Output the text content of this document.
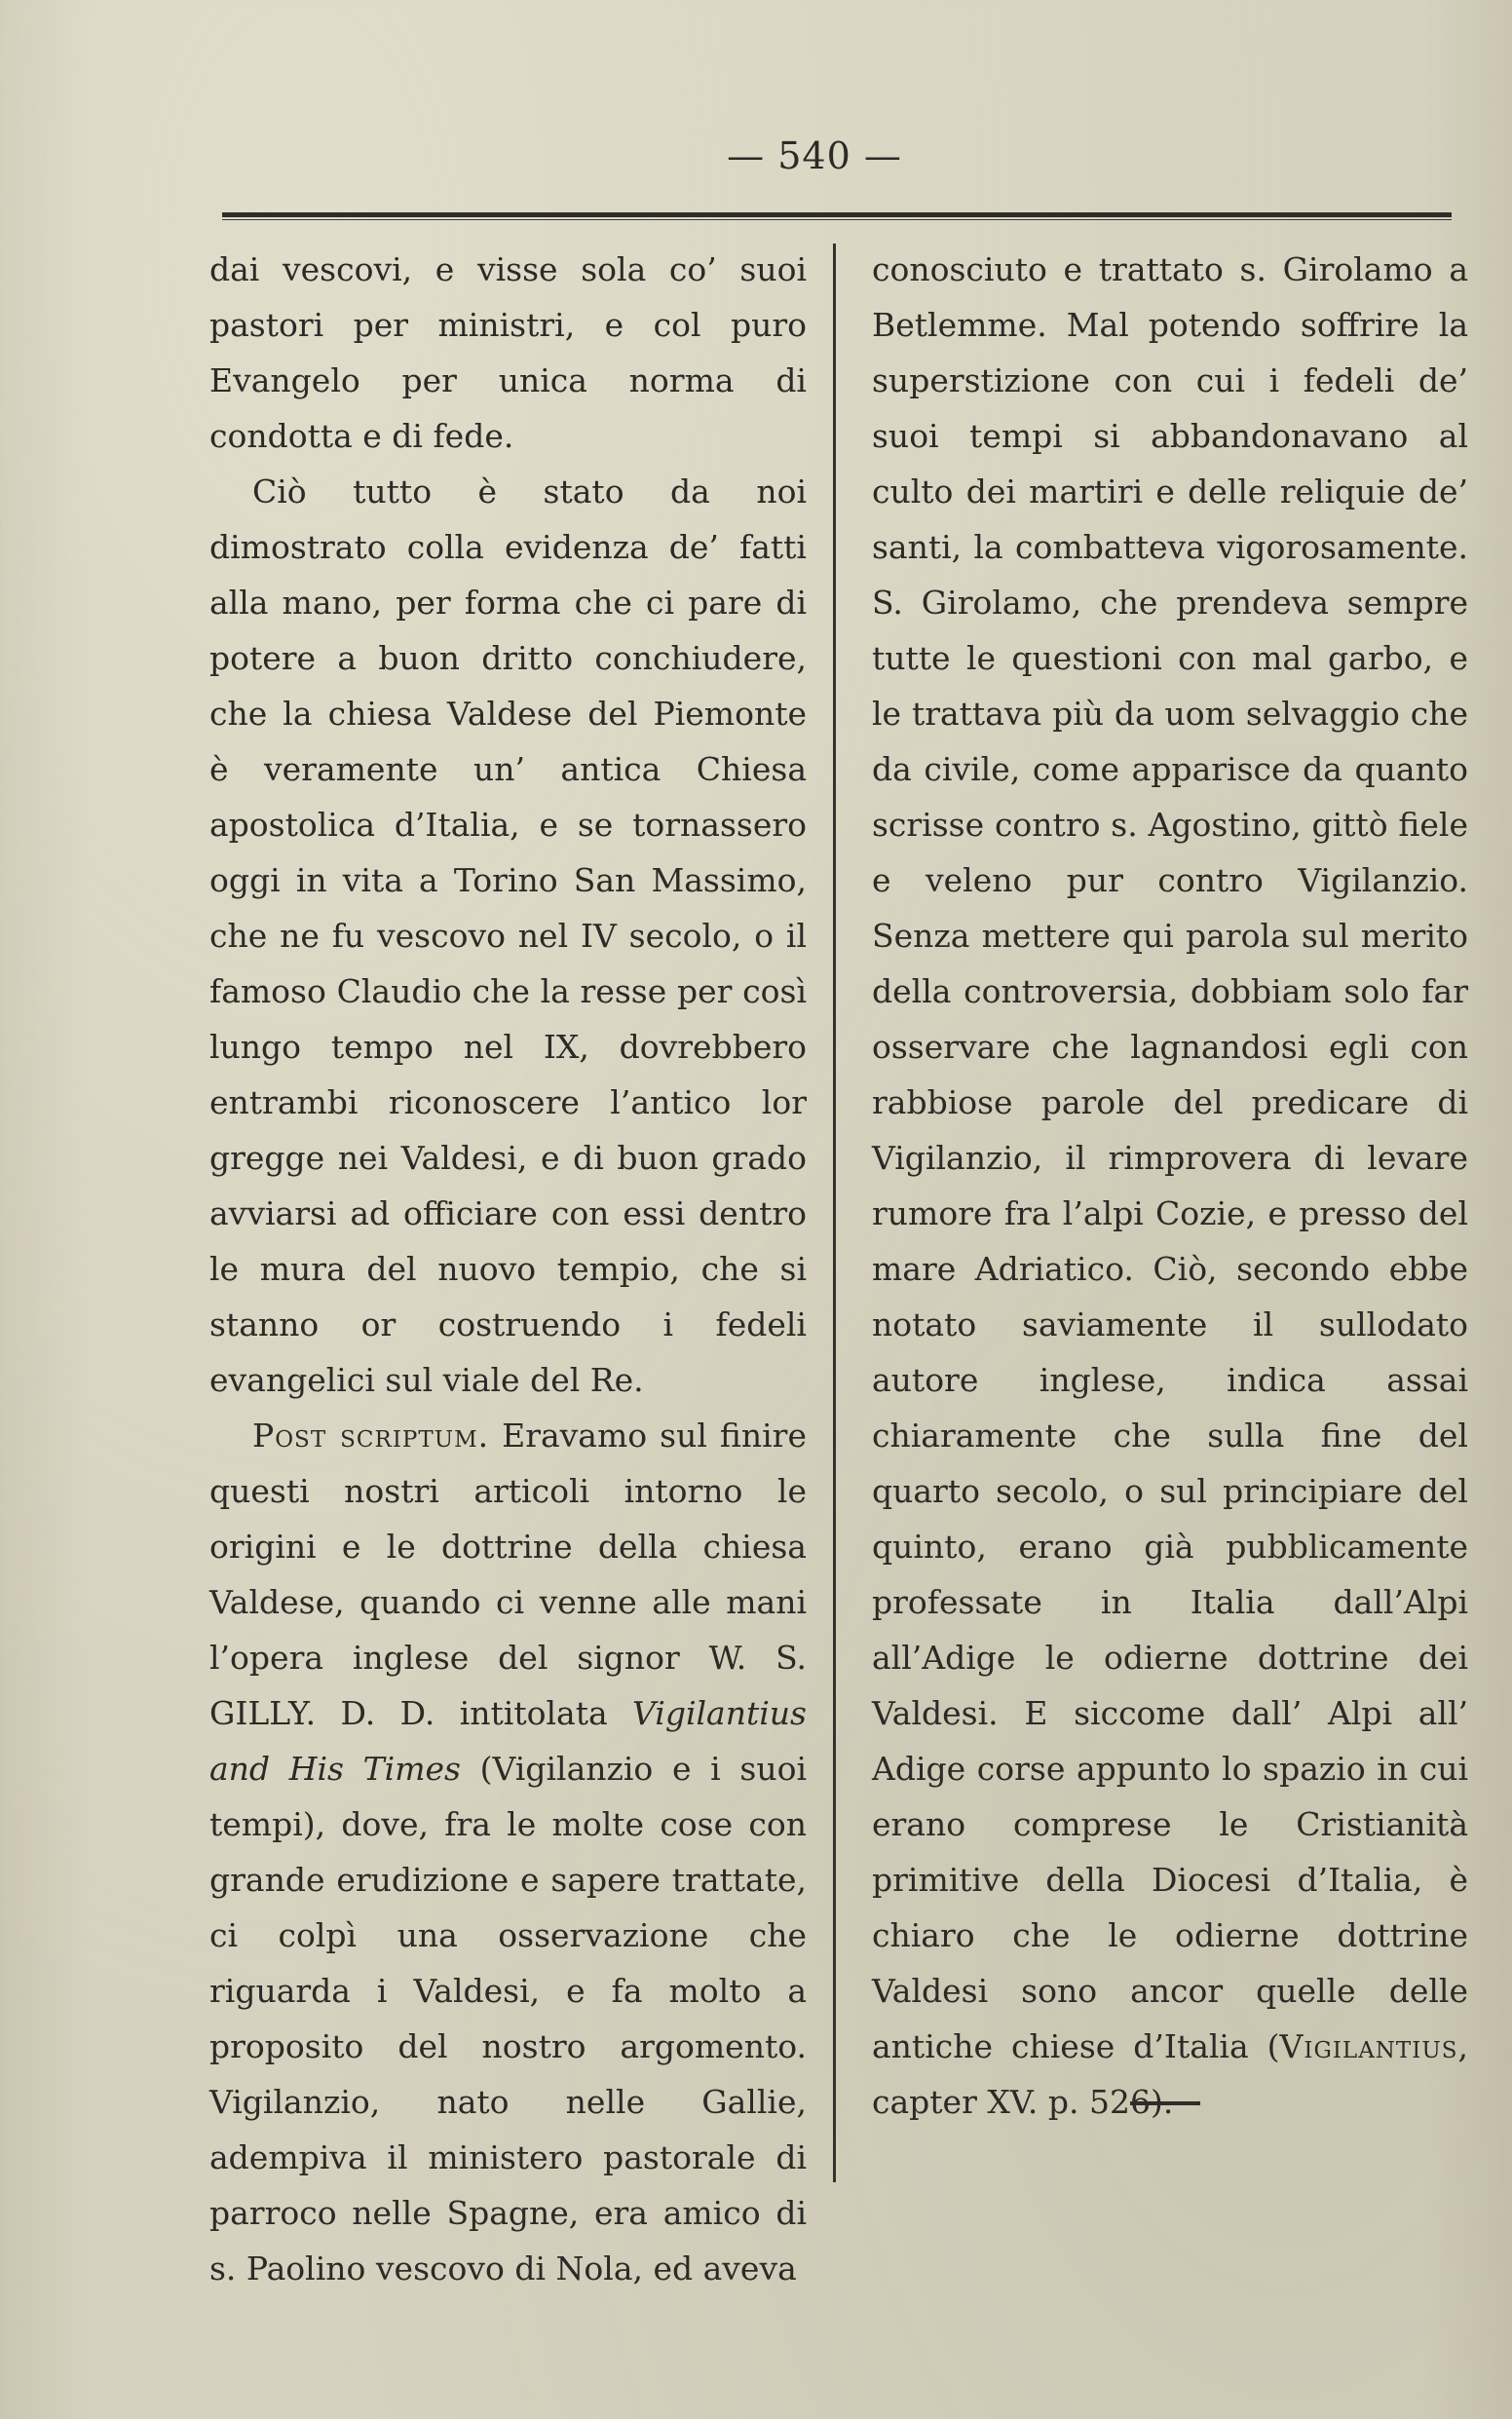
— 540 —

dai vescovi, e visse sola co’ suoi pastori per ministri, e col puro Evangelo per unica norma di condotta e di fede.

Ciò tutto è stato da noi dimostrato colla evidenza de’ fatti alla mano, per forma che ci pare di potere a buon dritto conchiudere, che la chiesa Valdese del Piemonte è veramente un’ antica Chiesa apostolica d’Italia, e se tornassero oggi in vita a Torino San Massimo, che ne fu vescovo nel IV secolo, o il famoso Claudio che la resse per così lungo tempo nel IX, dovrebbero entrambi riconoscere l’antico lor gregge nei Valdesi, e di buon grado avviarsi ad officiare con essi dentro le mura del nuovo tempio, che si stanno or costruendo i fedeli evangelici sul viale del Re.

Post scriptum. Eravamo sul finire questi nostri articoli intorno le origini e le dottrine della chiesa Valdese, quando ci venne alle mani l’opera inglese del signor W. S. GILLY. D. D. intitolata Vigilantius and His Times (Vigilanzio e i suoi tempi), dove, fra le molte cose con grande erudizione e sapere trattate, ci colpì una osservazione che riguarda i Valdesi, e fa molto a proposito del nostro argomento. Vigilanzio, nato nelle Gallie, adempiva il ministero pastorale di parroco nelle Spagne, era amico di s. Paolino vescovo di Nola, ed aveva

conosciuto e trattato s. Girolamo a Betlemme. Mal potendo soffrire la superstizione con cui i fedeli de’ suoi tempi si abbandonavano al culto dei martiri e delle reliquie de’ santi, la combatteva vigorosamente. S. Girolamo, che prendeva sempre tutte le questioni con mal garbo, e le trattava più da uom selvaggio che da civile, come apparisce da quanto scrisse contro s. Agostino, gittò fiele e veleno pur contro Vigilanzio. Senza mettere qui parola sul merito della controversia, dobbiam solo far osservare che lagnandosi egli con rabbiose parole del predicare di Vigilanzio, il rimprovera di levare rumore fra l’alpi Cozie, e presso del mare Adriatico. Ciò, secondo ebbe notato saviamente il sullodato autore inglese, indica assai chiaramente che sulla fine del quarto secolo, o sul principiare del quinto, erano già pubblicamente professate in Italia dall’Alpi all’Adige le odierne dottrine dei Valdesi. E siccome dall’ Alpi all’ Adige corse appunto lo spazio in cui erano comprese le Cristianità primitive della Diocesi d’Italia, è chiaro che le odierne dottrine Valdesi sono ancor quelle delle antiche chiese d’Italia (Vigilantius, capter XV. p. 526).
